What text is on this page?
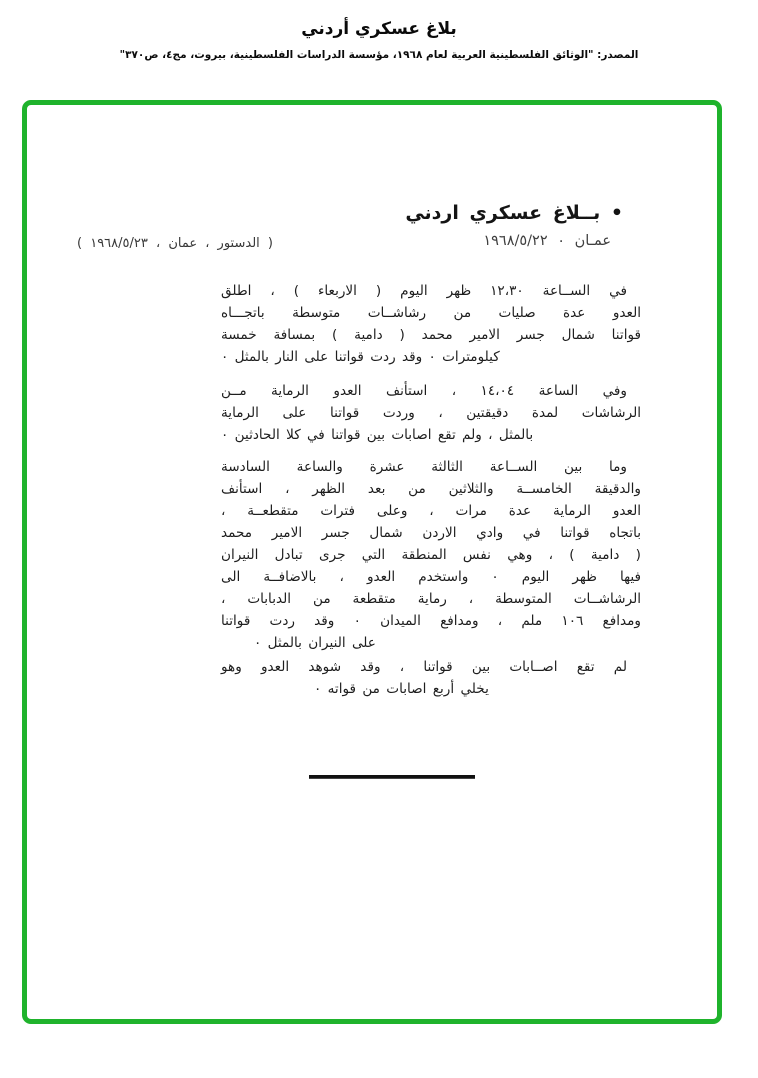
بلاغ عسكري أردني
المصدر: "الوثائق الفلسطينية العربية لعام ١٩٦٨، مؤسسة الدراسات الفلسطينية، بيروت، مج٤، ص٣٧٠"
• بــلاغ عسكري اردني
عمـان ٠ ١٩٦٨/٥/٢٢
( الدستور ، عمان ، ١٩٦٨/٥/٢٣ )
في الســاعة ١٢،٣٠ ظهر اليوم ( الاربعاء ) ، اطلق
العدو عدة صليات من رشاشــات متوسطة باتجـــاه
قواتنا شمال جسر الامير محمد ( دامية ) بمسافة خمسة
كيلومترات ٠ وقد ردت قواتنا على النار بالمثل ٠
وفي الساعة ١٤،٠٤ ، استأنف العدو الرماية مــن
الرشاشات لمدة دقيقتين ، وردت قواتنا على الرماية
بالمثل ، ولم تقع اصابات بين قواتنا في كلا الحادثين ٠
وما بين الســاعة الثالثة عشرة والساعة السادسة
والدقيقة الخامســة والثلاثين من بعد الظهر ، استأنف
العدو الرماية عدة مرات ، وعلى فترات متقطعــة ،
باتجاه قواتنا في وادي الاردن شمال جسر الامير محمد
( دامية ) ، وهي نفس المنطقة التي جرى تبادل النيران
فيها ظهر اليوم ٠ واستخدم العدو ، بالاضافــة الى
الرشاشــات المتوسطة ، رماية متقطعة من الدبابات ،
ومدافع ١٠٦ ملم ، ومدافع الميدان ٠ وقد ردت قواتنا
على النيران بالمثل ٠
لم تقع اصــابات بين قواتنا ، وقد شوهد العدو وهو
يخلي أربع اصابات من قواته ٠
